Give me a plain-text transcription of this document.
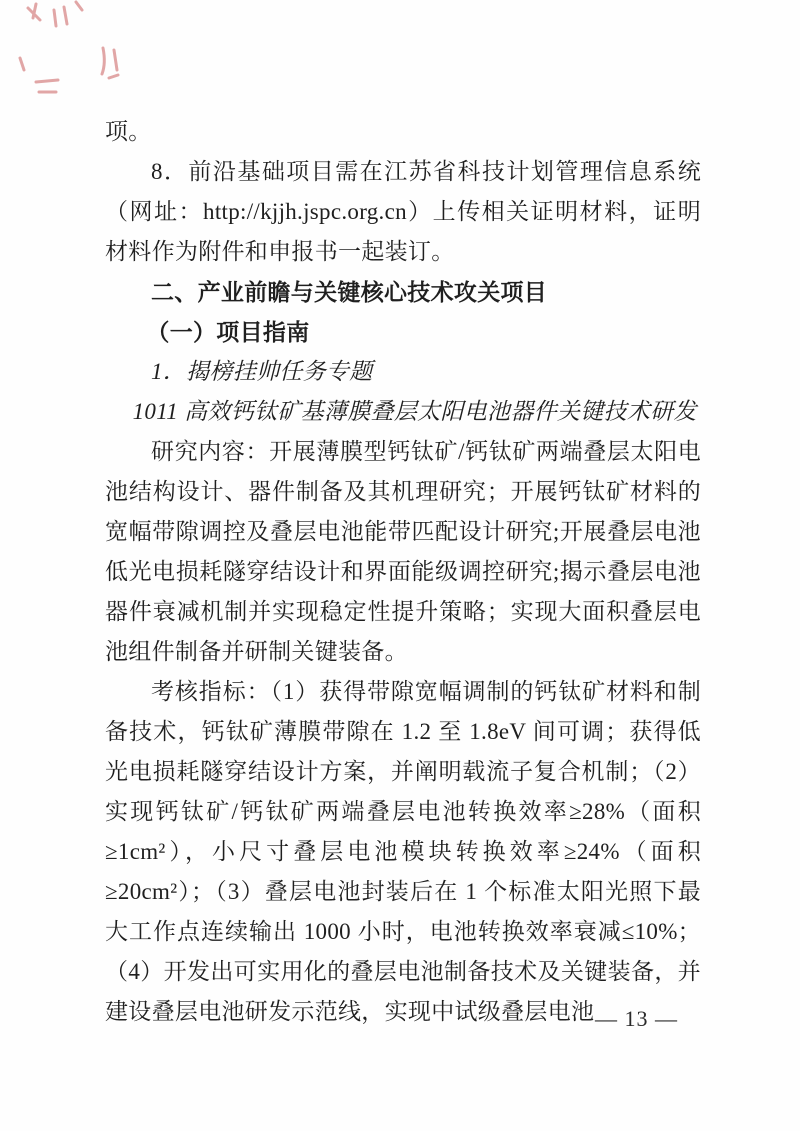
项。

8．前沿基础项目需在江苏省科技计划管理信息系统（网址：http://kjjh.jspc.org.cn）上传相关证明材料，证明材料作为附件和申报书一起装订。

二、产业前瞻与关键核心技术攻关项目

（一）项目指南

1．揭榜挂帅任务专题

1011 高效钙钛矿基薄膜叠层太阳电池器件关键技术研发

研究内容：开展薄膜型钙钛矿/钙钛矿两端叠层太阳电池结构设计、器件制备及其机理研究；开展钙钛矿材料的宽幅带隙调控及叠层电池能带匹配设计研究;开展叠层电池低光电损耗隧穿结设计和界面能级调控研究;揭示叠层电池器件衰减机制并实现稳定性提升策略；实现大面积叠层电池组件制备并研制关键装备。

考核指标：（1）获得带隙宽幅调制的钙钛矿材料和制备技术，钙钛矿薄膜带隙在 1.2 至 1.8eV 间可调；获得低光电损耗隧穿结设计方案，并阐明载流子复合机制；（2）实现钙钛矿/钙钛矿两端叠层电池转换效率≥28%（面积≥1cm²），小尺寸叠层电池模块转换效率≥24%（面积≥20cm²）；（3）叠层电池封装后在 1 个标准太阳光照下最大工作点连续输出 1000 小时，电池转换效率衰减≤10%；（4）开发出可实用化的叠层电池制备技术及关键装备，并建设叠层电池研发示范线，实现中试级叠层电池 — 13 —
